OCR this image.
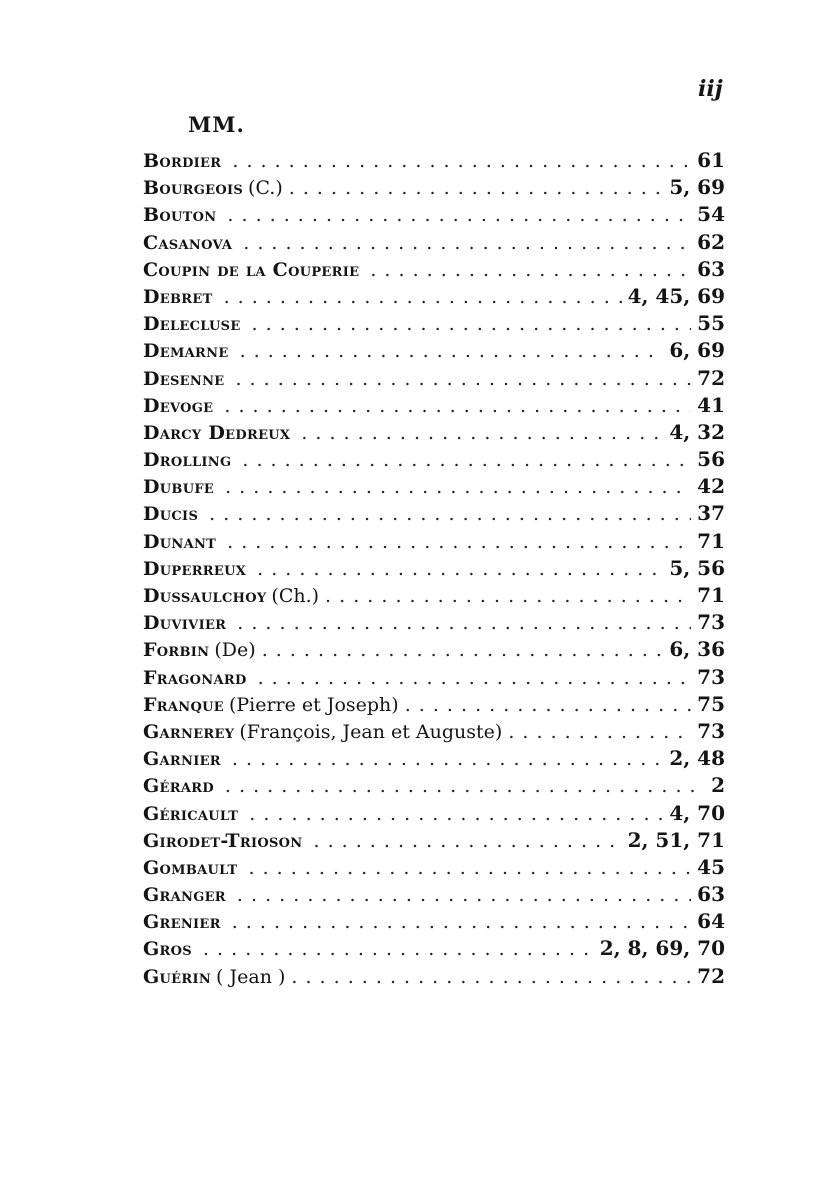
iij
MM.
Bordier . . .	61
Bourgeois (C.) . . .	5, 69
Bouton . . .	54
Casanova . . .	62
Coupin de la Couperie . . .	63
Debret . . .	4, 45, 69
Delecluse . . .	55
Demarne . . .	6, 69
Desenne . . .	72
Devoge . . .	41
Darcy Dedreux . . .	4, 32
Drolling . . .	56
Dubufe . . .	42
Ducis . . .	37
Dunant . . .	71
Duperreux . . .	5, 56
Dussaulchoy (Ch.) . . .	71
Duvivier . . .	73
Forbin (De) . . .	6, 36
Fragonard . . .	73
Franque (Pierre et Joseph) . . .	75
Garnerey (François, Jean et Auguste) . . .	73
Garnier . . .	2, 48
Gérard . . .	2
Géricault . . .	4, 70
Girodet-Trioson . . .	2, 51, 71
Gombault . . .	45
Granger . . .	63
Grenier . . .	64
Gros . . .	2, 8, 69, 70
Guérin ( Jean ) . . .	72
